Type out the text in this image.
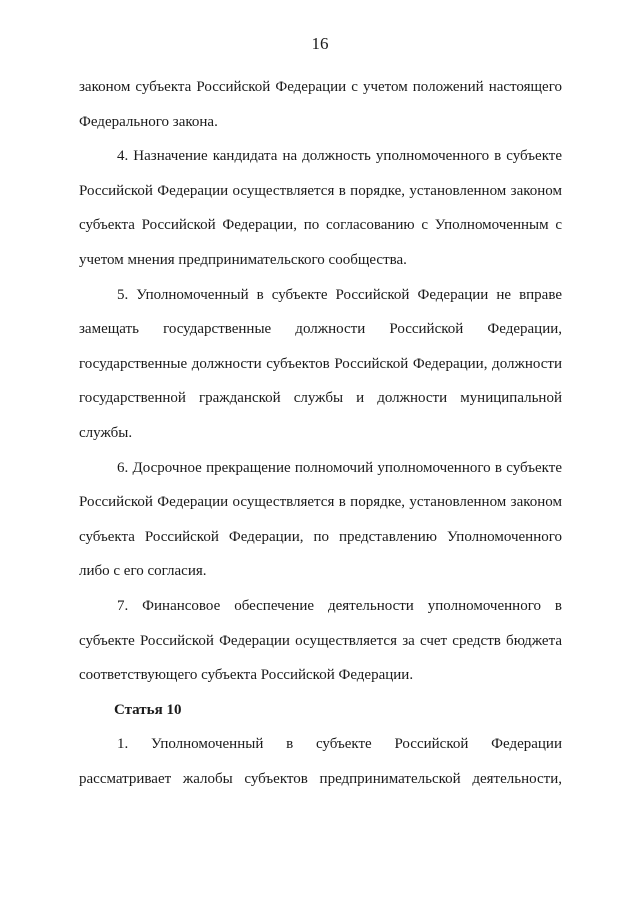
16

законом субъекта Российской Федерации с учетом положений настоящего Федерального закона.

4. Назначение кандидата на должность уполномоченного в субъекте Российской Федерации осуществляется в порядке, установленном законом субъекта Российской Федерации, по согласованию с Уполномоченным с учетом мнения предпринимательского сообщества.

5. Уполномоченный в субъекте Российской Федерации не вправе замещать государственные должности Российской Федерации, государственные должности субъектов Российской Федерации, должности государственной гражданской службы и должности муниципальной службы.

6. Досрочное прекращение полномочий уполномоченного в субъекте Российской Федерации осуществляется в порядке, установленном законом субъекта Российской Федерации, по представлению Уполномоченного либо с его согласия.

7. Финансовое обеспечение деятельности уполномоченного в субъекте Российской Федерации осуществляется за счет средств бюджета соответствующего субъекта Российской Федерации.

Статья 10

1. Уполномоченный в субъекте Российской Федерации рассматривает жалобы субъектов предпринимательской деятельности,
